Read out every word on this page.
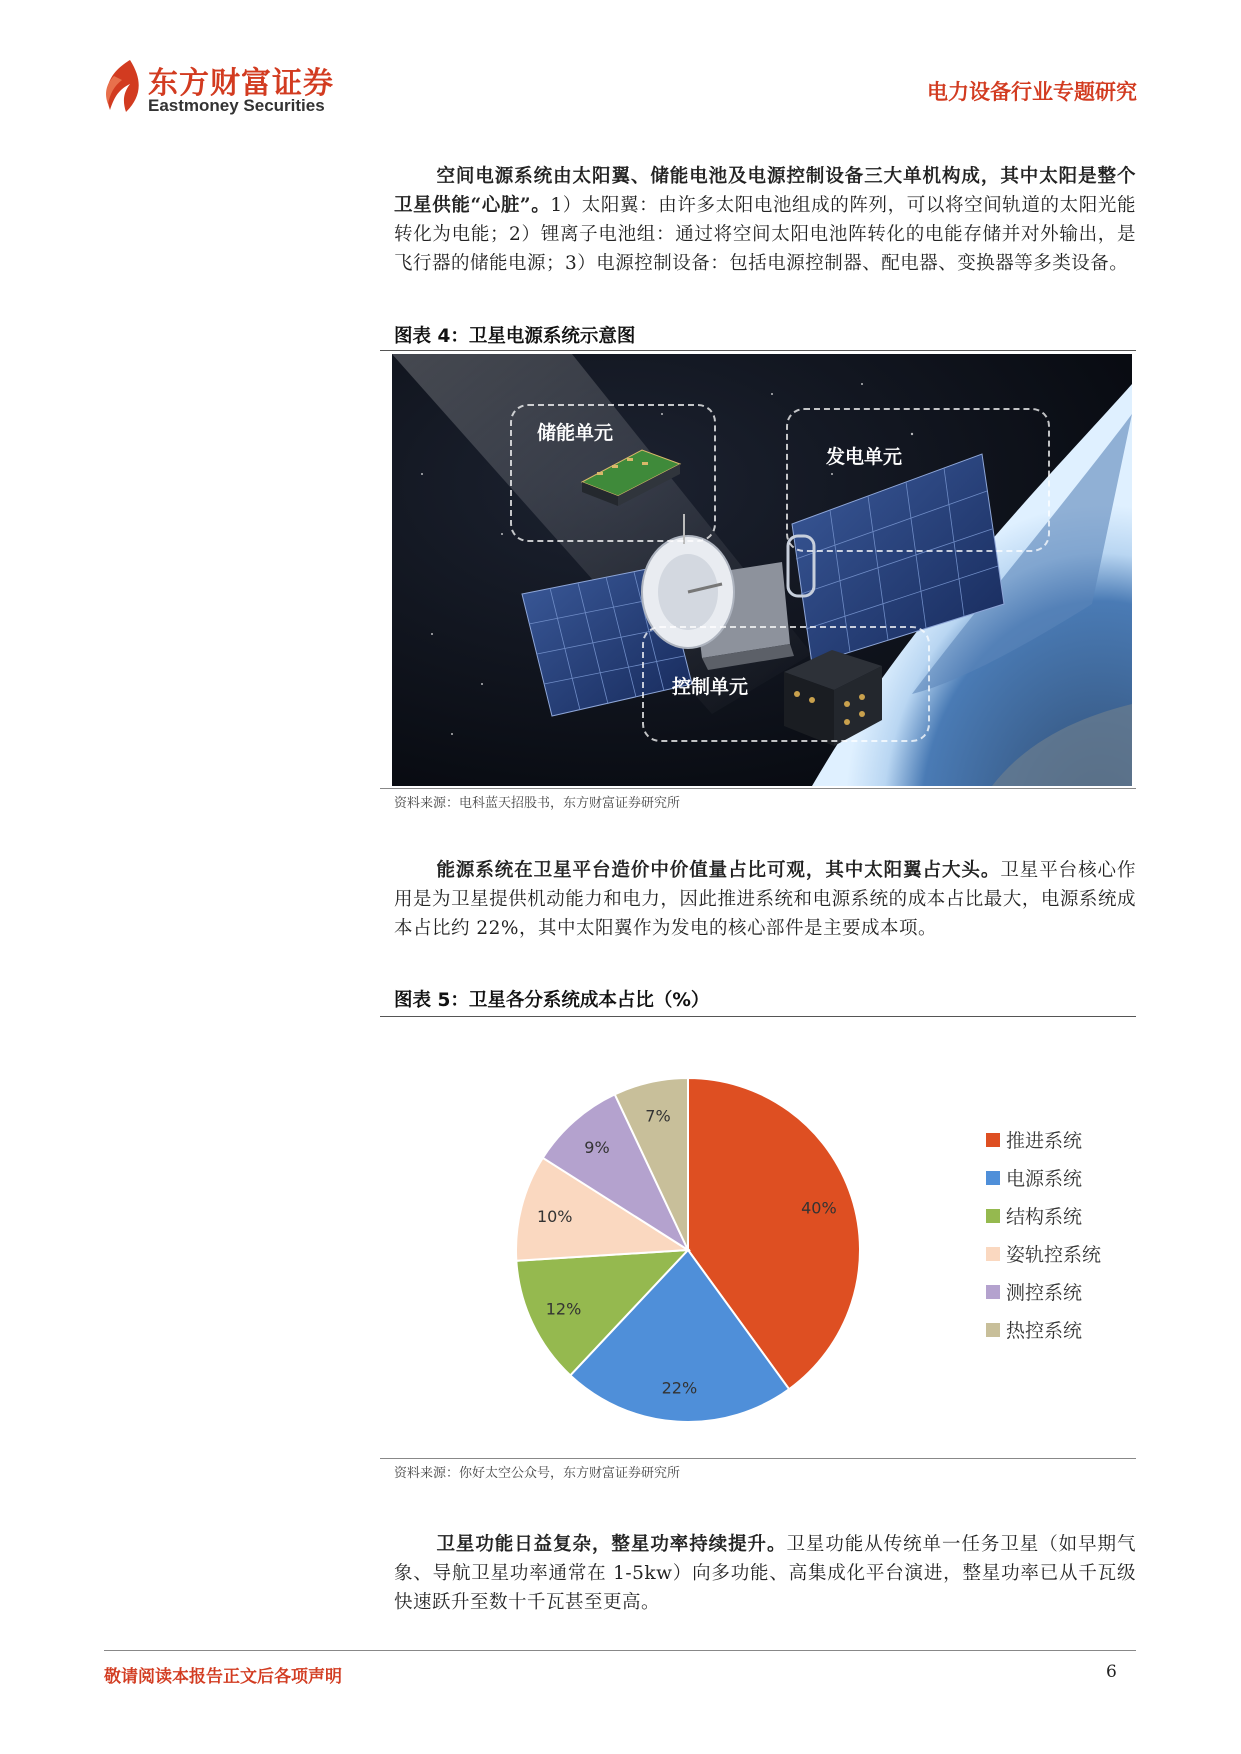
东方财富证券
Eastmoney Securities
电力设备行业专题研究
空间电源系统由太阳翼、储能电池及电源控制设备三大单机构成，其中太阳是整个卫星供能“心脏”。1）太阳翼：由许多太阳电池组成的阵列，可以将空间轨道的太阳光能转化为电能；2）锂离子电池组：通过将空间太阳电池阵转化的电能存储并对外输出，是飞行器的储能电源；3）电源控制设备：包括电源控制器、配电器、变换器等多类设备。
图表 4：卫星电源系统示意图
储能单元
发电单元
控制单元
资料来源：电科蓝天招股书，东方财富证券研究所
能源系统在卫星平台造价中价值量占比可观，其中太阳翼占大头。卫星平台核心作用是为卫星提供机动能力和电力，因此推进系统和电源系统的成本占比最大，电源系统成本占比约 22%，其中太阳翼作为发电的核心部件是主要成本项。
图表 5：卫星各分系统成本占比（%）
40%
22%
12%
10%
9%
7%
推进系统
电源系统
结构系统
姿轨控系统
测控系统
热控系统
资料来源：你好太空公众号，东方财富证券研究所
卫星功能日益复杂，整星功率持续提升。卫星功能从传统单一任务卫星（如早期气象、导航卫星功率通常在 1-5kw）向多功能、高集成化平台演进，整星功率已从千瓦级快速跃升至数十千瓦甚至更高。
敬请阅读本报告正文后各项声明	6
